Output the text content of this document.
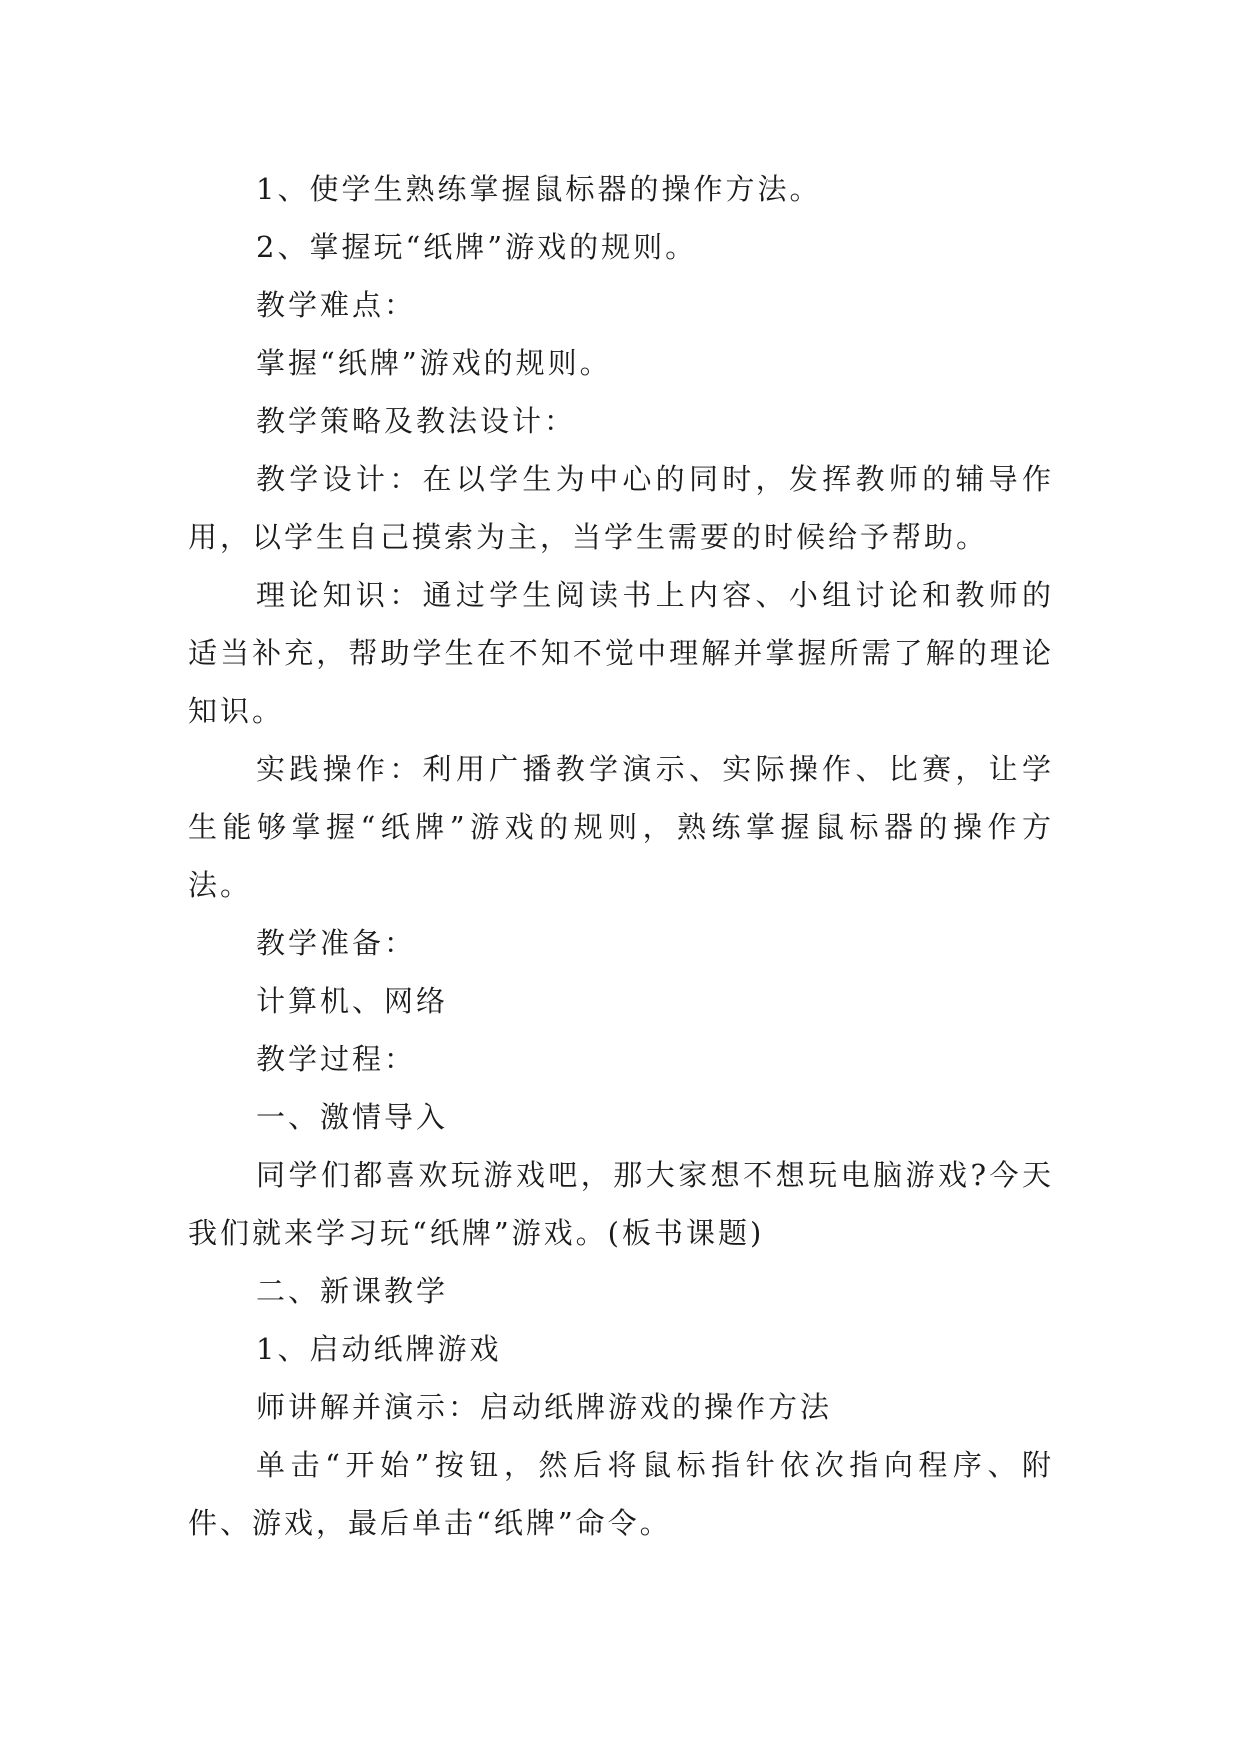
1、使学生熟练掌握鼠标器的操作方法。

2、掌握玩“纸牌”游戏的规则。

教学难点：

掌握“纸牌”游戏的规则。

教学策略及教法设计：

教学设计：在以学生为中心的同时，发挥教师的辅导作用，以学生自己摸索为主，当学生需要的时候给予帮助。

理论知识：通过学生阅读书上内容、小组讨论和教师的适当补充，帮助学生在不知不觉中理解并掌握所需了解的理论知识。

实践操作：利用广播教学演示、实际操作、比赛，让学生能够掌握“纸牌”游戏的规则，熟练掌握鼠标器的操作方法。

教学准备：

计算机、网络

教学过程：

一、激情导入

同学们都喜欢玩游戏吧，那大家想不想玩电脑游戏?今天我们就来学习玩“纸牌”游戏。(板书课题)

二、新课教学

1、启动纸牌游戏

师讲解并演示：启动纸牌游戏的操作方法

单击“开始”按钮，然后将鼠标指针依次指向程序、附件、游戏，最后单击“纸牌”命令。
